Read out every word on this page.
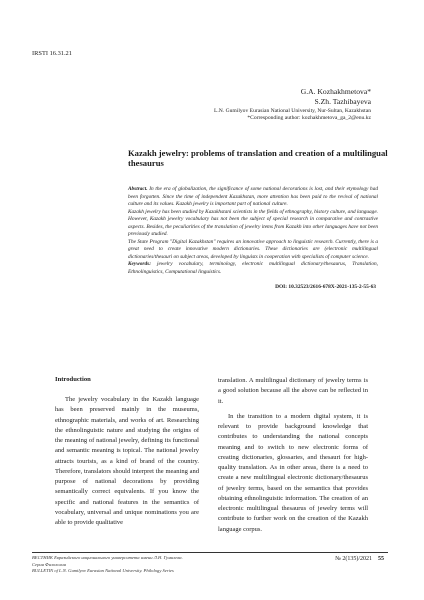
IRSTI 16.31.21
G.A. Kozhakhmetova*
S.Zh. Tazhibayeva
L.N. Gumilyov Eurasian National University, Nur-Sultan, Kazakhstan
*Corresponding author: kozhakhmetova_ga_2@enu.kz
Kazakh jewelry: problems of translation and creation of a multilingual thesaurus

Abstract. In the era of globalization, the significance of some national decorations is lost, and their etymology had been forgotten. Since the time of independent Kazakhstan, more attention has been paid to the revival of national culture and its values. Kazakh jewelry is important part of national culture.

Kazakh jewelry has been studied by Kazakhstani scientists in the fields of ethnography, history culture, and language. However, Kazakh jewelry vocabulary has not been the subject of special research in comparative and contrastive aspects. Besides, the peculiarities of the translation of jewelry items from Kazakh into other languages have not been previously studied.

The State Program "Digital Kazakhstan" requires an innovative approach to linguistic research. Currently, there is a great need to create innovative modern dictionaries. These dictionaries are (electronic multilingual dictionaries/thesauri on subject areas, developed by linguists in cooperation with specialists of computer science.

Keywords: jewelry vocabulary, terminology, electronic multilingual dictionary/thesaurus, Translation, Ethnolinguistics, Computational linguistics.

DOI: 10.32523/2616-678X-2021-135-2-55-63
Introduction

The jewelry vocabulary in the Kazakh language has been preserved mainly in the museums, ethnographic materials, and works of art. Researching the ethnolinguistic nature and studying the origins of the meaning of national jewelry, defining its functional and semantic meaning is topical. The national jewelry attracts tourists, as a kind of brand of the country. Therefore, translators should interpret the meaning and purpose of national decorations by providing semantically correct equivalents. If you know the specific and national features in the semantics of vocabulary, universal and unique nominations you are able to provide qualitative

translation. A multilingual dictionary of jewelry terms is a good solution because all the above can be reflected in it.

In the transition to a modern digital system, it is relevant to provide background knowledge that contributes to understanding the national concepts meaning and to switch to new electronic forms of creating dictionaries, glossaries, and thesauri for high-quality translation. As in other areas, there is a need to create a new multilingual electronic dictionary/thesaurus of jewelry terms, based on the semantics that provides obtaining ethnolinguistic information. The creation of an electronic multilingual thesaurus of jewelry terms will contribute to further work on the creation of the Kazakh language corpus.

ВЕСТНИК Евразийского национального университета имени Л.Н. Гумилева.
Серия Филология
BULLETIN of L.N. Gumilyov Eurasian National University. Philology Series
№ 2(135)/2021 55
